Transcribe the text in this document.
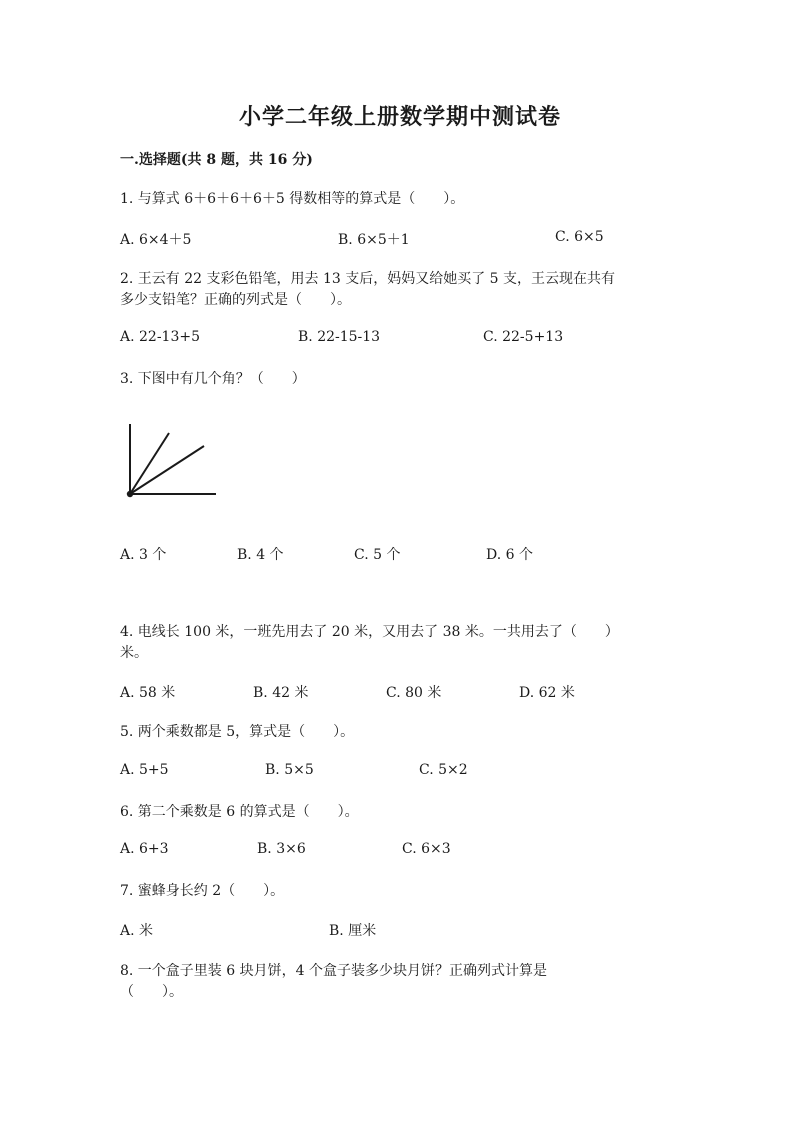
小学二年级上册数学期中测试卷
一.选择题(共 8 题，共 16 分)
1. 与算式 6＋6＋6＋6＋5 得数相等的算式是（　　）。
A. 6×4＋5	B. 6×5＋1	C. 6×5
2. 王云有 22 支彩色铅笔，用去 13 支后，妈妈又给她买了 5 支，王云现在共有
多少支铅笔？正确的列式是（　　）。
A. 22-13+5	B. 22-15-13	C. 22-5+13
3. 下图中有几个角？（　　）
A. 3 个	B. 4 个	C. 5 个	D. 6 个
4. 电线长 100 米，一班先用去了 20 米，又用去了 38 米。一共用去了（　　）
米。
A. 58 米	B. 42 米	C. 80 米	D. 62 米
5. 两个乘数都是 5，算式是（　　）。
A. 5+5	B. 5×5	C. 5×2
6. 第二个乘数是 6 的算式是（　　）。
A. 6+3	B. 3×6	C. 6×3
7. 蜜蜂身长约 2（　　）。
A. 米	B. 厘米
8. 一个盒子里装 6 块月饼，4 个盒子装多少块月饼？正确列式计算是
（　　）。
